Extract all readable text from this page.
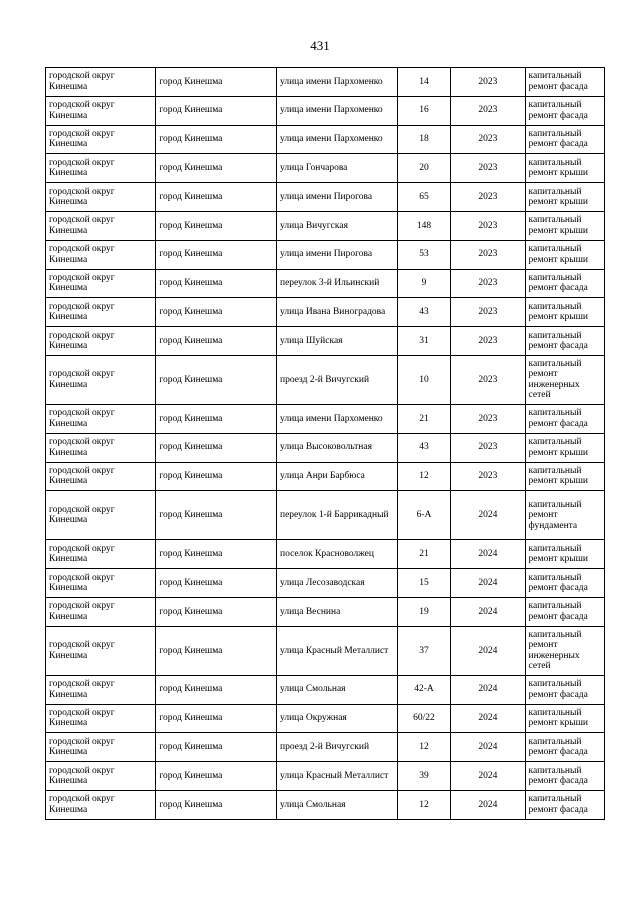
431
городской округ Кинешма	город Кинешма	улица имени Пархоменко	14	2023	капитальный ремонт фасада
городской округ Кинешма	город Кинешма	улица имени Пархоменко	16	2023	капитальный ремонт фасада
городской округ Кинешма	город Кинешма	улица имени Пархоменко	18	2023	капитальный ремонт фасада
городской округ Кинешма	город Кинешма	улица Гончарова	20	2023	капитальный ремонт крыши
городской округ Кинешма	город Кинешма	улица имени Пирогова	65	2023	капитальный ремонт крыши
городской округ Кинешма	город Кинешма	улица Вичугская	148	2023	капитальный ремонт крыши
городской округ Кинешма	город Кинешма	улица имени Пирогова	53	2023	капитальный ремонт крыши
городской округ Кинешма	город Кинешма	переулок 3-й Ильинский	9	2023	капитальный ремонт фасада
городской округ Кинешма	город Кинешма	улица Ивана Виноградова	43	2023	капитальный ремонт крыши
городской округ Кинешма	город Кинешма	улица Шуйская	31	2023	капитальный ремонт фасада
городской округ Кинешма	город Кинешма	проезд 2-й Вичугский	10	2023	капитальный ремонт инженерных сетей
городской округ Кинешма	город Кинешма	улица имени Пархоменко	21	2023	капитальный ремонт фасада
городской округ Кинешма	город Кинешма	улица Высоковольтная	43	2023	капитальный ремонт крыши
городской округ Кинешма	город Кинешма	улица Анри Барбюса	12	2023	капитальный ремонт крыши
городской округ Кинешма	город Кинешма	переулок 1-й Баррикадный	6-А	2024	капитальный ремонт фундамента
городской округ Кинешма	город Кинешма	поселок Красноволжец	21	2024	капитальный ремонт крыши
городской округ Кинешма	город Кинешма	улица Лесозаводская	15	2024	капитальный ремонт фасада
городской округ Кинешма	город Кинешма	улица Веснина	19	2024	капитальный ремонт фасада
городской округ Кинешма	город Кинешма	улица Красный Металлист	37	2024	капитальный ремонт инженерных сетей
городской округ Кинешма	город Кинешма	улица Смольная	42-А	2024	капитальный ремонт фасада
городской округ Кинешма	город Кинешма	улица Окружная	60/22	2024	капитальный ремонт крыши
городской округ Кинешма	город Кинешма	проезд 2-й Вичугский	12	2024	капитальный ремонт фасада
городской округ Кинешма	город Кинешма	улица Красный Металлист	39	2024	капитальный ремонт фасада
городской округ Кинешма	город Кинешма	улица Смольная	12	2024	капитальный ремонт фасада
